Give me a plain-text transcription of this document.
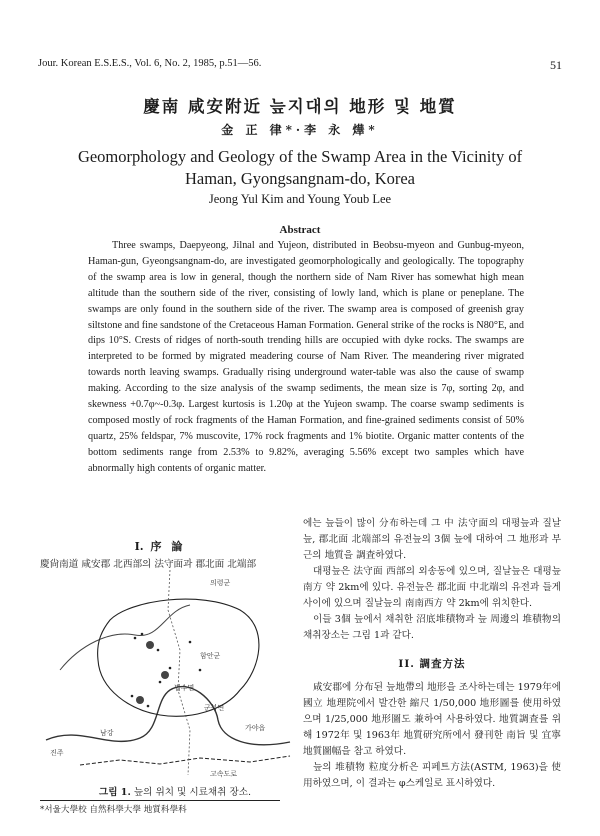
Jour. Korean E.S.E.S., Vol. 6, No. 2, 1985, p.51—56.	51
慶南 咸安附近 늪지대의 地形 및 地質
金 正 律*·李 永 燁*
Geomorphology and Geology of the Swamp Area in the Vicinity of
Haman, Gyongsangnam-do, Korea
Jeong Yul Kim and Young Youb Lee
Abstract

Three swamps, Daepyeong, Jilnal and Yujeon, distributed in Beobsu-myeon and Gunbug-myeon, Haman-gun, Gyeongsangnam-do, are investigated geomorphologically and geologically. The topography of the swamp area is low in general, though the northern side of Nam River has somewhat high mean altitude than the southern side of the river, consisting of lowly land, which is plane or peneplane. The swamps are only found in the southern side of the river. The swamp area is composed of greenish gray siltstone and fine sandstone of the Cretaceous Haman Formation. General strike of the rocks is N80°E, and dips 10°S. Crests of ridges of north-south trending hills are occupied with dyke rocks. The swamps are interpreted to be formed by migrated meadering course of Nam River. The meandering river migrated towards north leaving swamps. Gradually rising underground water-table was also the cause of swamp making. According to the size analysis of the swamp sediments, the mean size is 7φ, sorting 2φ, and skewness +0.7φ~-0.3φ. Largest kurtosis is 1.20φ at the Yujeon swamp. The coarse swamp sediments is composed mostly of rock fragments of the Haman Formation, and fine-grained sediments consist of 50% quartz, 25% feldspar, 7% muscovite, 17% rock fragments and 1% biotite. Organic matter contents of the bottom sediments range from 2.53% to 9.82%, averaging 5.56% except two samples which have abnormally high contents of organic matter.

I. 序 論
慶尙南道 咸安郡 北西部의 法守面과 郡北面 北端部
의령군
함안군
법수면
군북면
가야읍
남강
진주
고속도로
그림 1. 늪의 위치 및 시료채취 장소.
*서울大學校 自然科學大學 地質科學科

에는 늪들이 많이 分布하는데 그 中 法守面의 대평늪과 질날늪, 郡北面 北端部의 유전늪의 3個 늪에 대하여 그 地形과 부근의 地質을 調査하였다.

대평늪은 法守面 西部의 외송동에 있으며, 질날늪은 대평늪 南方 약 2km에 있다. 유전늪은 郡北面 中北端의 유전과 들게 사이에 있으며 질날늪의 南南西方 약 2km에 위치한다.

이들 3個 늪에서 채취한 沼底堆積物과 늪 周邊의 堆積物의 채취장소는 그림 1과 같다.

II. 調査方法

咸安郡에 分布된 늪地帶의 地形을 조사하는데는 1979年에 國立 地理院에서 발간한 縮尺 1/50,000 地形圖를 使用하였으며 1/25,000 地形圖도 兼하여 사용하였다. 地質調査를 위해 1972年 및 1963年 地質研究所에서 發刊한 南旨 및 宜寧 地質圖幅을 참고 하였다.

늪의 堆積物 粒度分析은 피페트方法(ASTM, 1963)을 使用하였으며, 이 결과는 φ스케일로 표시하였다.
